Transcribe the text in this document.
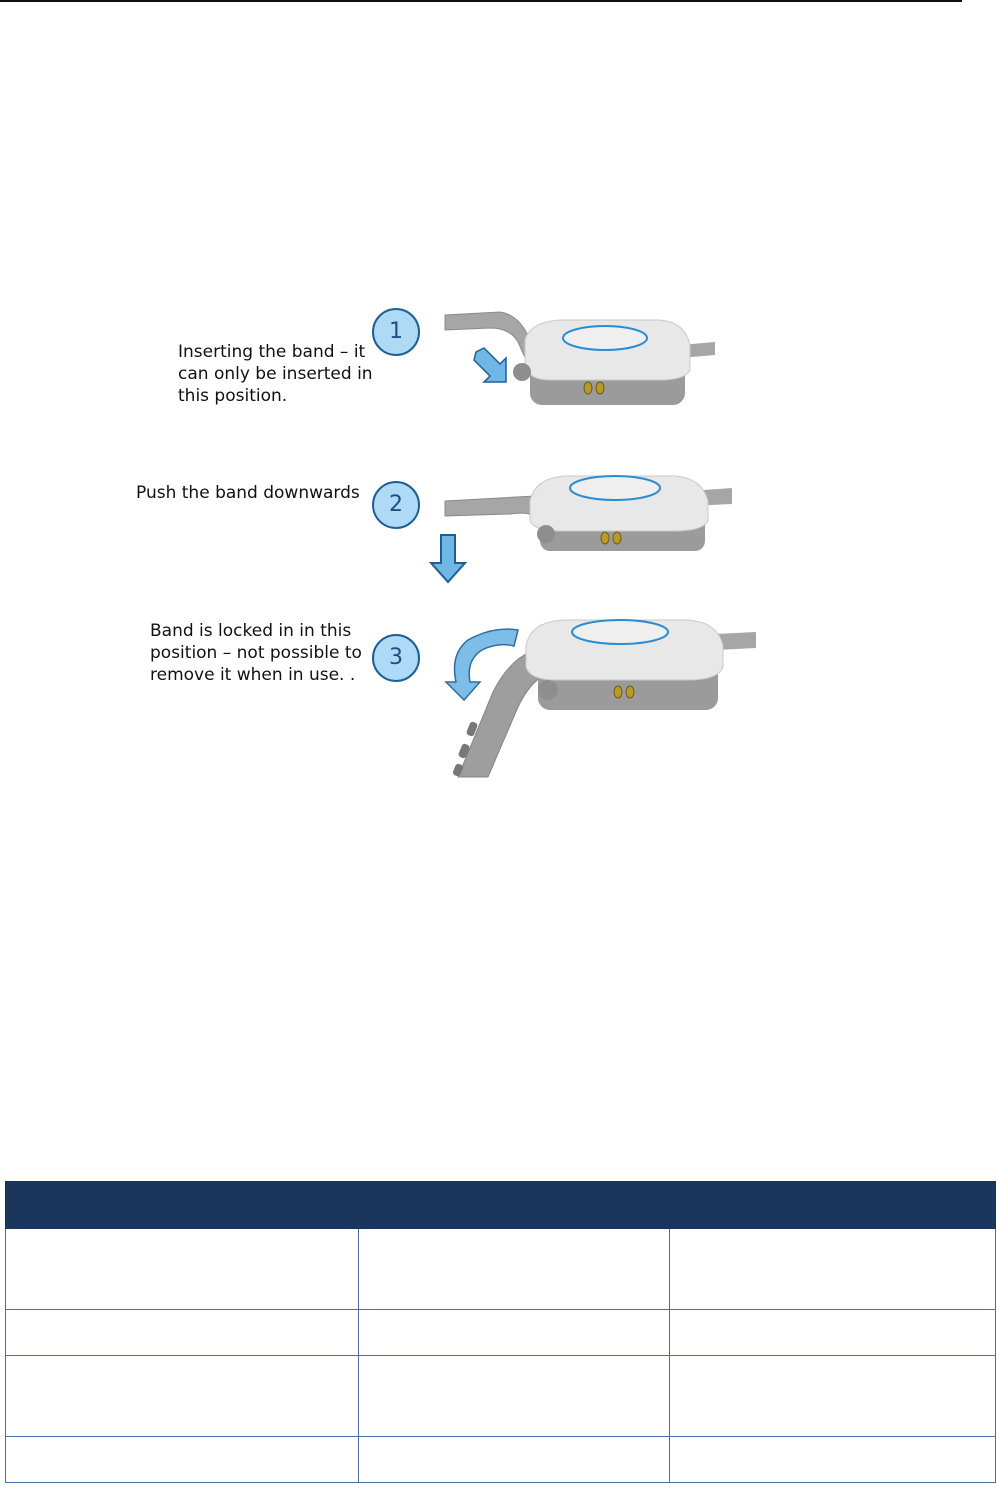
Inserting the band – it
can only be inserted in
this position.
1
Push the band downwards	2
Band is locked in in this
position – not possible to
remove it when in use. .
3
